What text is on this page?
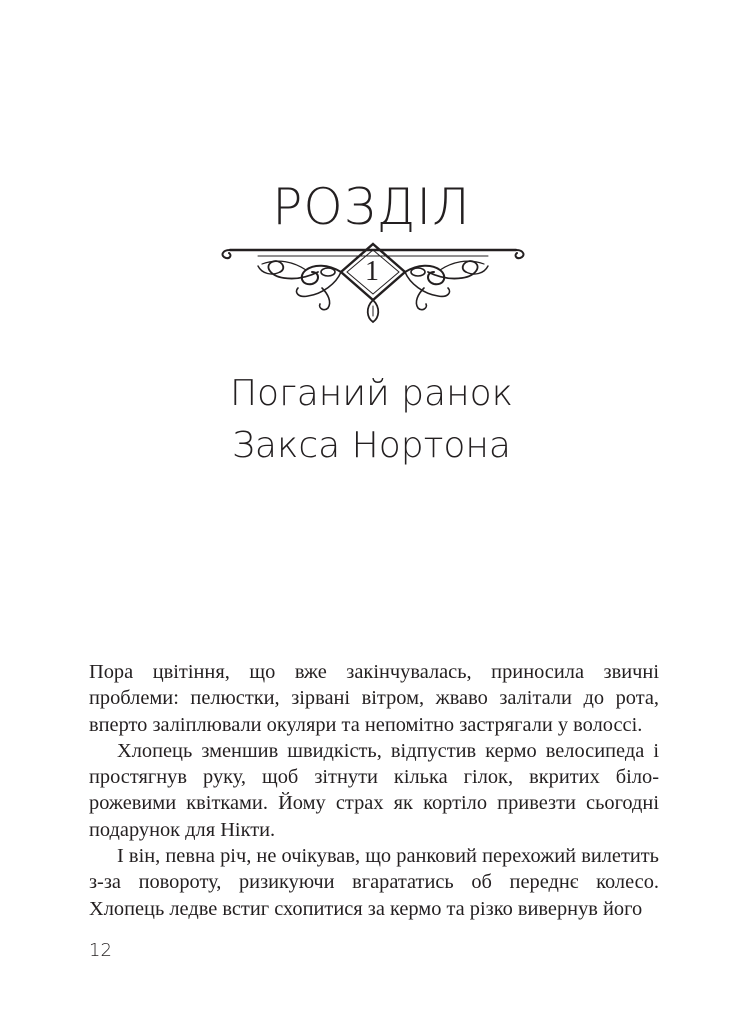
РОЗДІЛ
1
Поганий ранок
Закса Нортона

Пора цвітіння, що вже закінчувалась, приносила звичні проблеми: пелюстки, зірвані вітром, жваво залітали до рота, вперто заліплювали окуляри та непомітно застрягали у волоссі.

Хлопець зменшив швидкість, відпустив кермо велосипеда і простягнув руку, щоб зітнути кілька гілок, вкритих біло-рожевими квітками. Йому страх як кортіло привезти сьогодні подарунок для Нікти.

І він, певна річ, не очікував, що ранковий перехожий вилетить з-за повороту, ризикуючи вгарататись об переднє колесо. Хлопець ледве встиг схопитися за кермо та різко вивернув його

12
